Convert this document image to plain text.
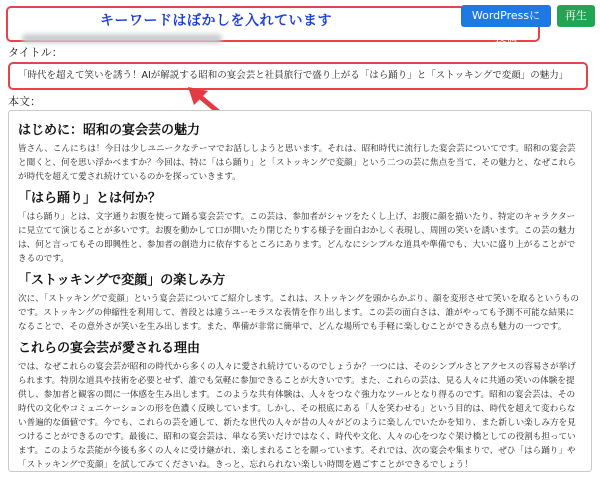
キーワードはぼかしを入れています	WordPressに投稿
再生成
タイトル：
「時代を超えて笑いを誘う！AIが解説する昭和の宴会芸と社員旅行で盛り上がる「はら踊り」と「ストッキングで変顔」の魅力」
本文：
はじめに：昭和の宴会芸の魅力

皆さん、こんにちは！今日は少しユニークなテーマでお話ししようと思います。それは、昭和時代に流行した宴会芸についてです。昭和の宴会芸と聞くと、何を思い浮かべますか？今回は、特に「はら踊り」と「ストッキングで変顔」という二つの芸に焦点を当て、その魅力と、なぜこれらが時代を超えて愛され続けているのかを探っていきます。

「はら踊り」とは何か？

「はら踊り」とは、文字通りお腹を使って踊る宴会芸です。この芸は、参加者がシャツをたくし上げ、お腹に顔を描いたり、特定のキャラクターに見立てて演じることが多いです。お腹を動かして口が開いたり閉じたりする様子を面白おかしく表現し、周囲の笑いを誘います。この芸の魅力は、何と言ってもその即興性と、参加者の創造力に依存するところにあります。どんなにシンプルな道具や準備でも、大いに盛り上がることができるのです。

「ストッキングで変顔」の楽しみ方

次に、「ストッキングで変顔」という宴会芸についてご紹介します。これは、ストッキングを頭からかぶり、顔を変形させて笑いを取るというものです。ストッキングの伸縮性を利用して、普段とは違うユーモラスな表情を作り出します。この芸の面白さは、誰がやっても予測不可能な結果になることで、その意外さが笑いを生み出します。また、準備が非常に簡単で、どんな場所でも手軽に楽しむことができる点も魅力の一つです。

これらの宴会芸が愛される理由

では、なぜこれらの宴会芸が昭和の時代から多くの人々に愛され続けているのでしょうか？一つには、そのシンプルさとアクセスの容易さが挙げられます。特別な道具や技術を必要とせず、誰でも気軽に参加できることが大きいです。また、これらの芸は、見る人々に共通の笑いの体験を提供し、参加者と観客の間に一体感を生み出します。このような共有体験は、人々をつなぐ強力なツールとなり得るのです。昭和の宴会芸は、その時代の文化やコミュニケーションの形を色濃く反映しています。しかし、その根底にある「人を笑わせる」という目的は、時代を超えて変わらない普遍的な価値です。今でも、これらの芸を通して、新たな世代の人々が昔の人々がどのように楽しんでいたかを知り、また新しい楽しみ方を見つけることができるのです。最後に、昭和の宴会芸は、単なる笑いだけではなく、時代や文化、人々の心をつなぐ架け橋としての役割も担っています。このような芸能が今後も多くの人々に受け継がれ、楽しまれることを願っています。それでは、次の宴会や集まりで、ぜひ「はら踊り」や「ストッキングで変顔」を試してみてくださいね。きっと、忘れられない楽しい時間を過ごすことができるでしょう！
